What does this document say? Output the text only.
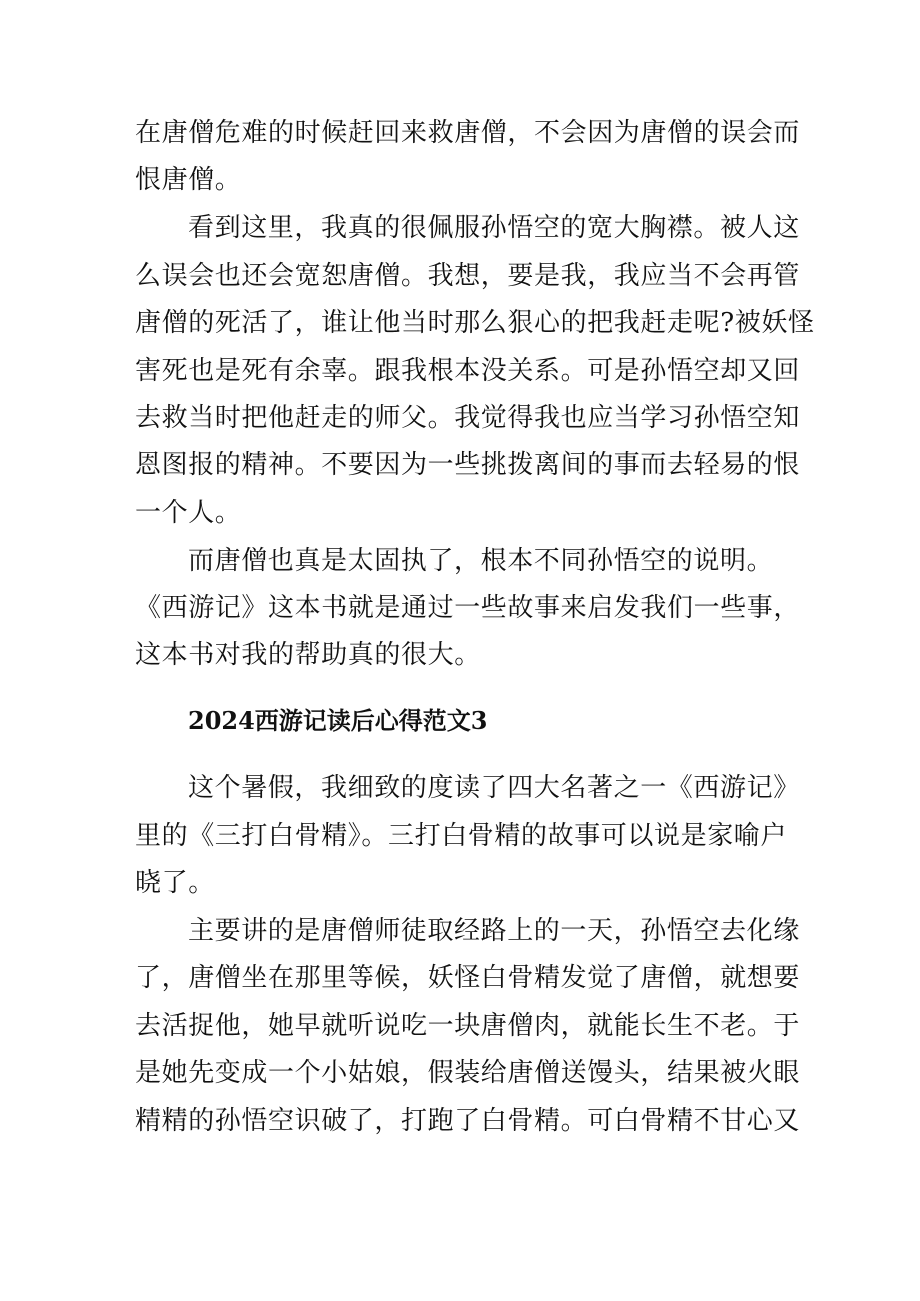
在唐僧危难的时候赶回来救唐僧，不会因为唐僧的误会而

恨唐僧。

看到这里，我真的很佩服孙悟空的宽大胸襟。被人这

么误会也还会宽恕唐僧。我想，要是我，我应当不会再管

唐僧的死活了，谁让他当时那么狠心的把我赶走呢?被妖怪

害死也是死有余辜。跟我根本没关系。可是孙悟空却又回

去救当时把他赶走的师父。我觉得我也应当学习孙悟空知

恩图报的精神。不要因为一些挑拨离间的事而去轻易的恨

一个人。

而唐僧也真是太固执了，根本不同孙悟空的说明。

《西游记》这本书就是通过一些故事来启发我们一些事，

这本书对我的帮助真的很大。

2024西游记读后心得范文3

这个暑假，我细致的度读了四大名著之一《西游记》

里的《三打白骨精》。三打白骨精的故事可以说是家喻户

晓了。

主要讲的是唐僧师徒取经路上的一天，孙悟空去化缘

了，唐僧坐在那里等候，妖怪白骨精发觉了唐僧，就想要

去活捉他，她早就听说吃一块唐僧肉，就能长生不老。于

是她先变成一个小姑娘，假装给唐僧送馒头，结果被火眼

精精的孙悟空识破了，打跑了白骨精。可白骨精不甘心又
